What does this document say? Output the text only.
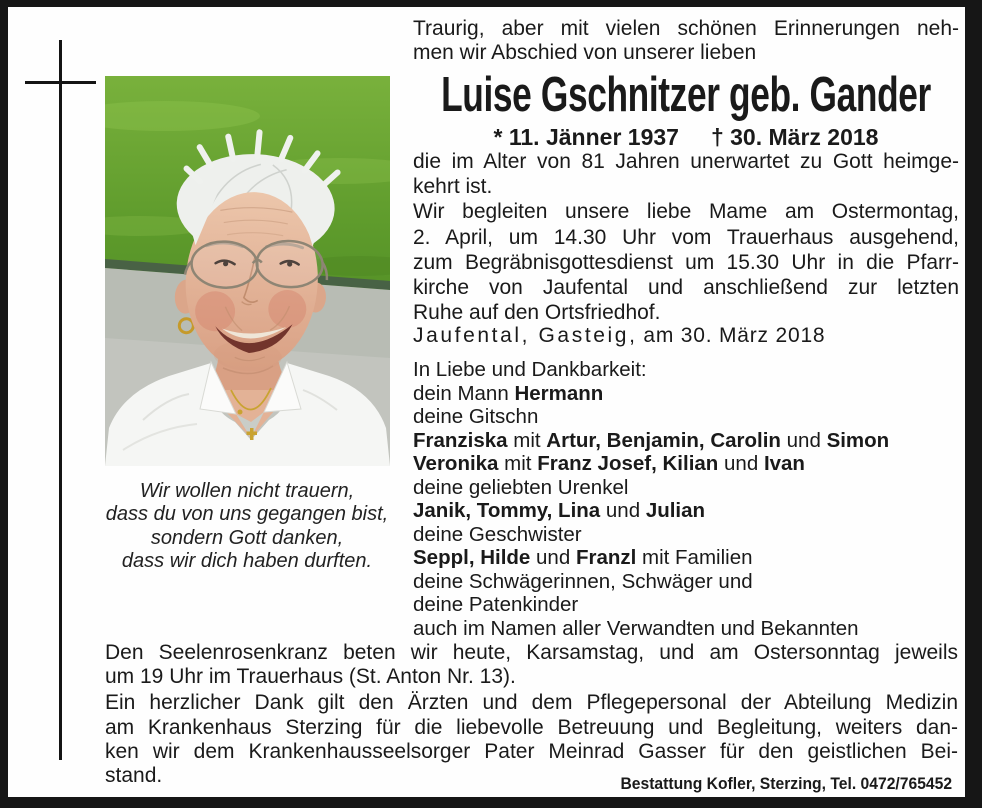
Wir wollen nicht trauern,
dass du von uns gegangen bist,
sondern Gott danken,
dass wir dich haben durften.
Traurig, aber mit vielen schönen Erinnerungen neh-
men wir Abschied von unserer lieben
Luise Gschnitzer geb. Gander
* 11. Jänner 1937 † 30. März 2018
die im Alter von 81 Jahren unerwartet zu Gott heimge-
kehrt ist.
Wir begleiten unsere liebe Mame am Ostermontag,
2. April, um 14.30 Uhr vom Trauerhaus ausgehend,
zum Begräbnisgottesdienst um 15.30 Uhr in die Pfarr-
kirche von Jaufental und anschließend zur letzten
Ruhe auf den Ortsfriedhof.
Jaufental, Gasteig, am 30. März 2018
In Liebe und Dankbarkeit:
dein Mann Hermann
deine Gitschn
Franziska mit Artur, Benjamin, Carolin und Simon
Veronika mit Franz Josef, Kilian und Ivan
deine geliebten Urenkel
Janik, Tommy, Lina und Julian
deine Geschwister
Seppl, Hilde und Franzl mit Familien
deine Schwägerinnen, Schwäger und
deine Patenkinder
auch im Namen aller Verwandten und Bekannten
Den Seelenrosenkranz beten wir heute, Karsamstag, und am Ostersonntag jeweils
um 19 Uhr im Trauerhaus (St. Anton Nr. 13).
Ein herzlicher Dank gilt den Ärzten und dem Pflegepersonal der Abteilung Medizin
am Krankenhaus Sterzing für die liebevolle Betreuung und Begleitung, weiters dan-
ken wir dem Krankenhausseelsorger Pater Meinrad Gasser für den geistlichen Bei-
stand.	Bestattung Kofler, Sterzing, Tel. 0472/765452
